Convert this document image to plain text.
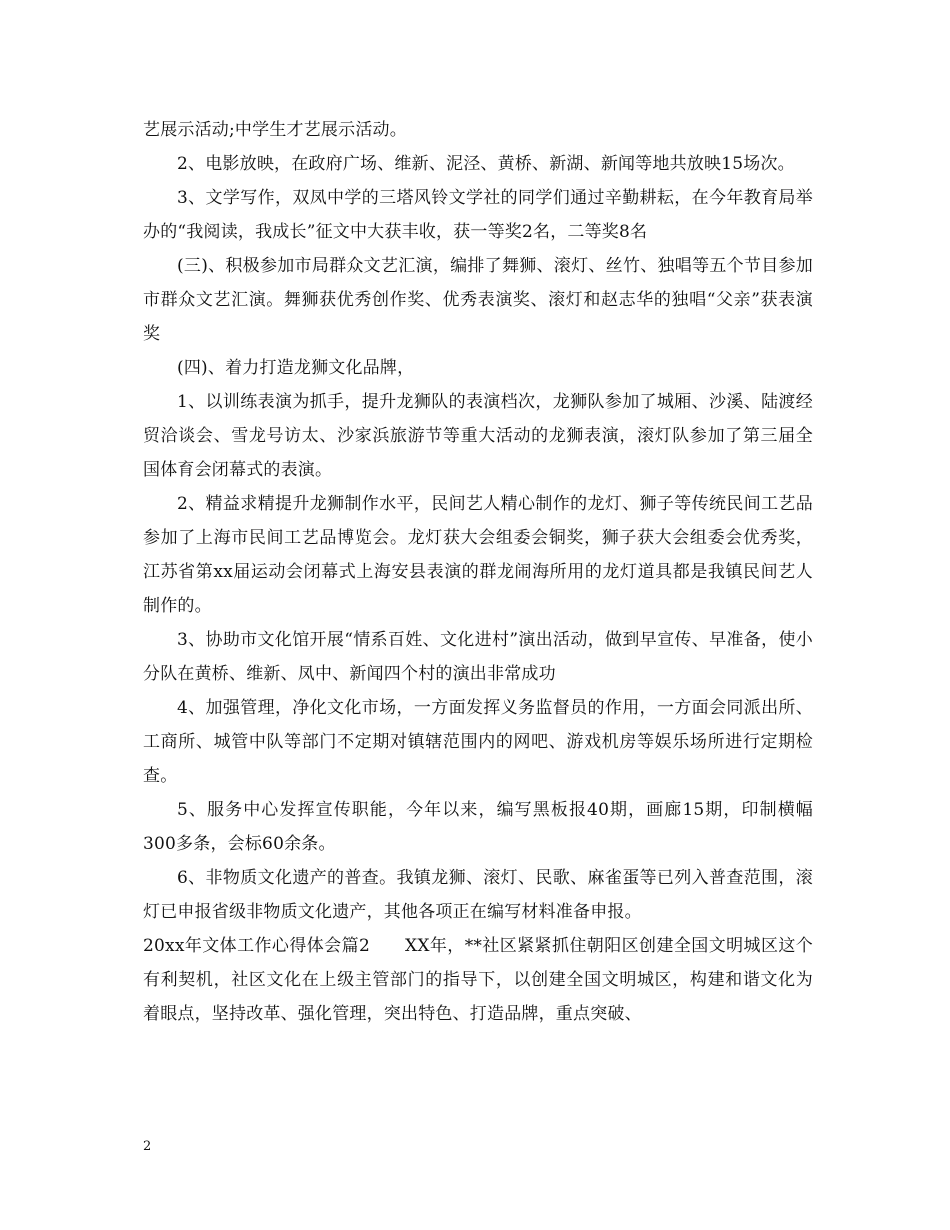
艺展示活动;中学生才艺展示活动。

2、电影放映，在政府广场、维新、泥泾、黄桥、新湖、新闻等地共放映15场次。

3、文学写作，双凤中学的三塔风铃文学社的同学们通过辛勤耕耘，在今年教育局举办的“我阅读，我成长”征文中大获丰收，获一等奖2名，二等奖8名

(三)、积极参加市局群众文艺汇演，编排了舞狮、滚灯、丝竹、独唱等五个节目参加市群众文艺汇演。舞狮获优秀创作奖、优秀表演奖、滚灯和赵志华的独唱“父亲”获表演奖

(四)、着力打造龙狮文化品牌，

1、以训练表演为抓手，提升龙狮队的表演档次，龙狮队参加了城厢、沙溪、陆渡经贸洽谈会、雪龙号访太、沙家浜旅游节等重大活动的龙狮表演，滚灯队参加了第三届全国体育会闭幕式的表演。

2、精益求精提升龙狮制作水平，民间艺人精心制作的龙灯、狮子等传统民间工艺品参加了上海市民间工艺品博览会。龙灯获大会组委会铜奖，狮子获大会组委会优秀奖，江苏省第xx届运动会闭幕式上海安县表演的群龙闹海所用的龙灯道具都是我镇民间艺人制作的。

3、协助市文化馆开展“情系百姓、文化进村”演出活动，做到早宣传、早准备，使小分队在黄桥、维新、凤中、新闻四个村的演出非常成功

4、加强管理，净化文化市场，一方面发挥义务监督员的作用，一方面会同派出所、工商所、城管中队等部门不定期对镇辖范围内的网吧、游戏机房等娱乐场所进行定期检查。

5、服务中心发挥宣传职能，今年以来，编写黑板报40期，画廊15期，印制横幅300多条，会标60余条。

6、非物质文化遗产的普查。我镇龙狮、滚灯、民歌、麻雀蛋等已列入普查范围，滚灯已申报省级非物质文化遗产，其他各项正在编写材料准备申报。

20xx年文体工作心得体会篇2　　XX年，**社区紧紧抓住朝阳区创建全国文明城区这个有利契机，社区文化在上级主管部门的指导下，以创建全国文明城区，构建和谐文化为着眼点，坚持改革、强化管理，突出特色、打造品牌，重点突破、

2
